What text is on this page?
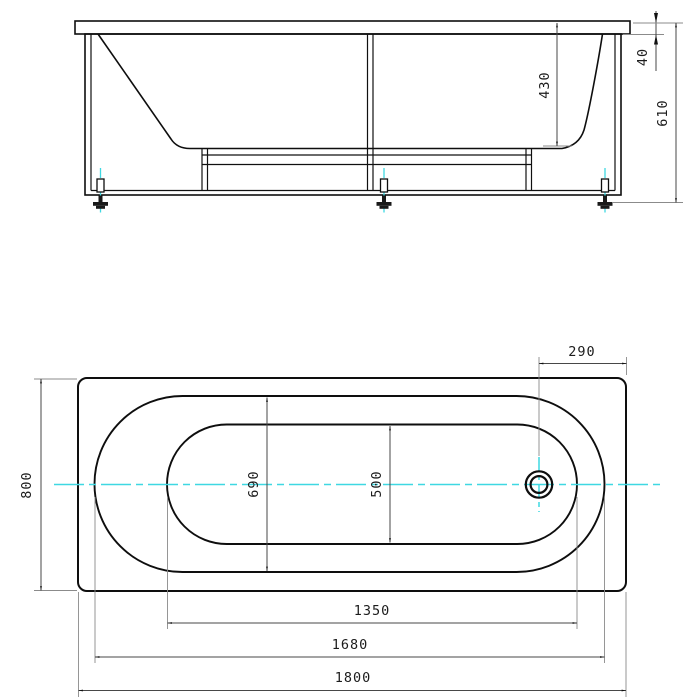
430
40
610
290
800	690	500
1350
1680
1800
